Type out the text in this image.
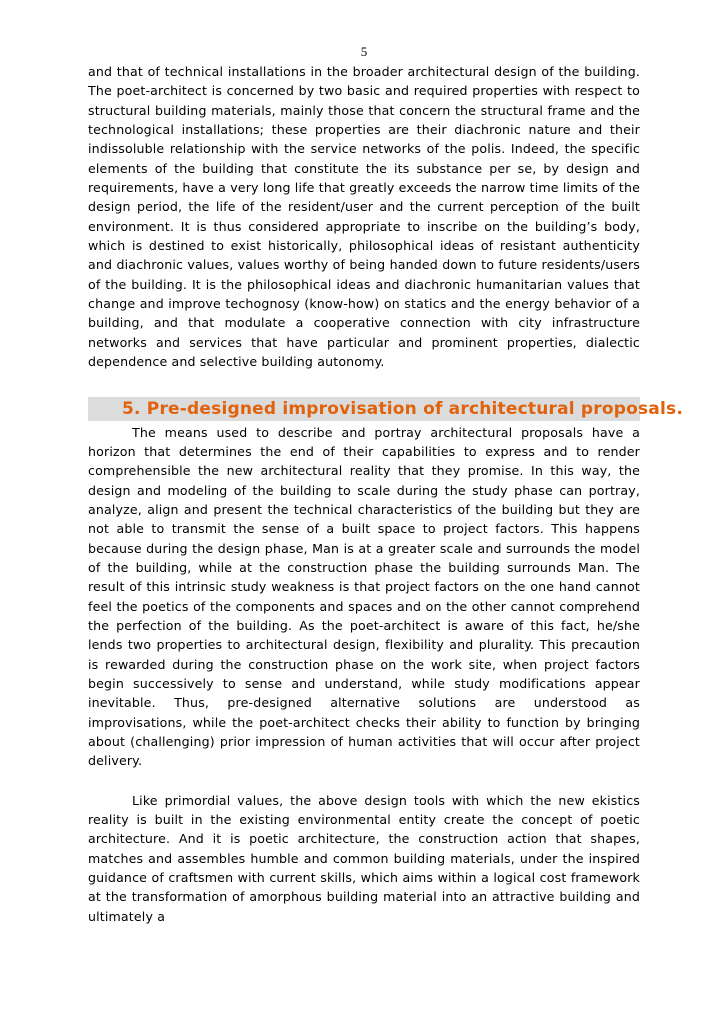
5

and that of technical installations in the broader architectural design of the building. The poet-architect is concerned by two basic and required properties with respect to structural building materials, mainly those that concern the structural frame and the technological installations; these properties are their diachronic nature and their indissoluble relationship with the service networks of the polis. Indeed, the specific elements of the building that constitute the its substance per se, by design and requirements, have a very long life that greatly exceeds the narrow time limits of the design period, the life of the resident/user and the current perception of the built environment. It is thus considered appropriate to inscribe on the building’s body, which is destined to exist historically, philosophical ideas of resistant authenticity and diachronic values, values worthy of being handed down to future residents/users of the building. It is the philosophical ideas and diachronic humanitarian values that change and improve techognosy (know-how) on statics and the energy behavior of a building, and that modulate a cooperative connection with city infrastructure networks and services that have particular and prominent properties, dialectic dependence and selective building autonomy.

5. Pre-designed improvisation of architectural proposals.

The means used to describe and portray architectural proposals have a horizon that determines the end of their capabilities to express and to render comprehensible the new architectural reality that they promise. In this way, the design and modeling of the building to scale during the study phase can portray, analyze, align and present the technical characteristics of the building but they are not able to transmit the sense of a built space to project factors. This happens because during the design phase, Man is at a greater scale and surrounds the model of the building, while at the construction phase the building surrounds Man. The result of this intrinsic study weakness is that project factors on the one hand cannot feel the poetics of the components and spaces and on the other cannot comprehend the perfection of the building. As the poet-architect is aware of this fact, he/she lends two properties to architectural design, flexibility and plurality. This precaution is rewarded during the construction phase on the work site, when project factors begin successively to sense and understand, while study modifications appear inevitable. Thus, pre-designed alternative solutions are understood as improvisations, while the poet-architect checks their ability to function by bringing about (challenging) prior impression of human activities that will occur after project delivery.

Like primordial values, the above design tools with which the new ekistics reality is built in the existing environmental entity create the concept of poetic architecture. And it is poetic architecture, the construction action that shapes, matches and assembles humble and common building materials, under the inspired guidance of craftsmen with current skills, which aims within a logical cost framework at the transformation of amorphous building material into an attractive building and ultimately a
